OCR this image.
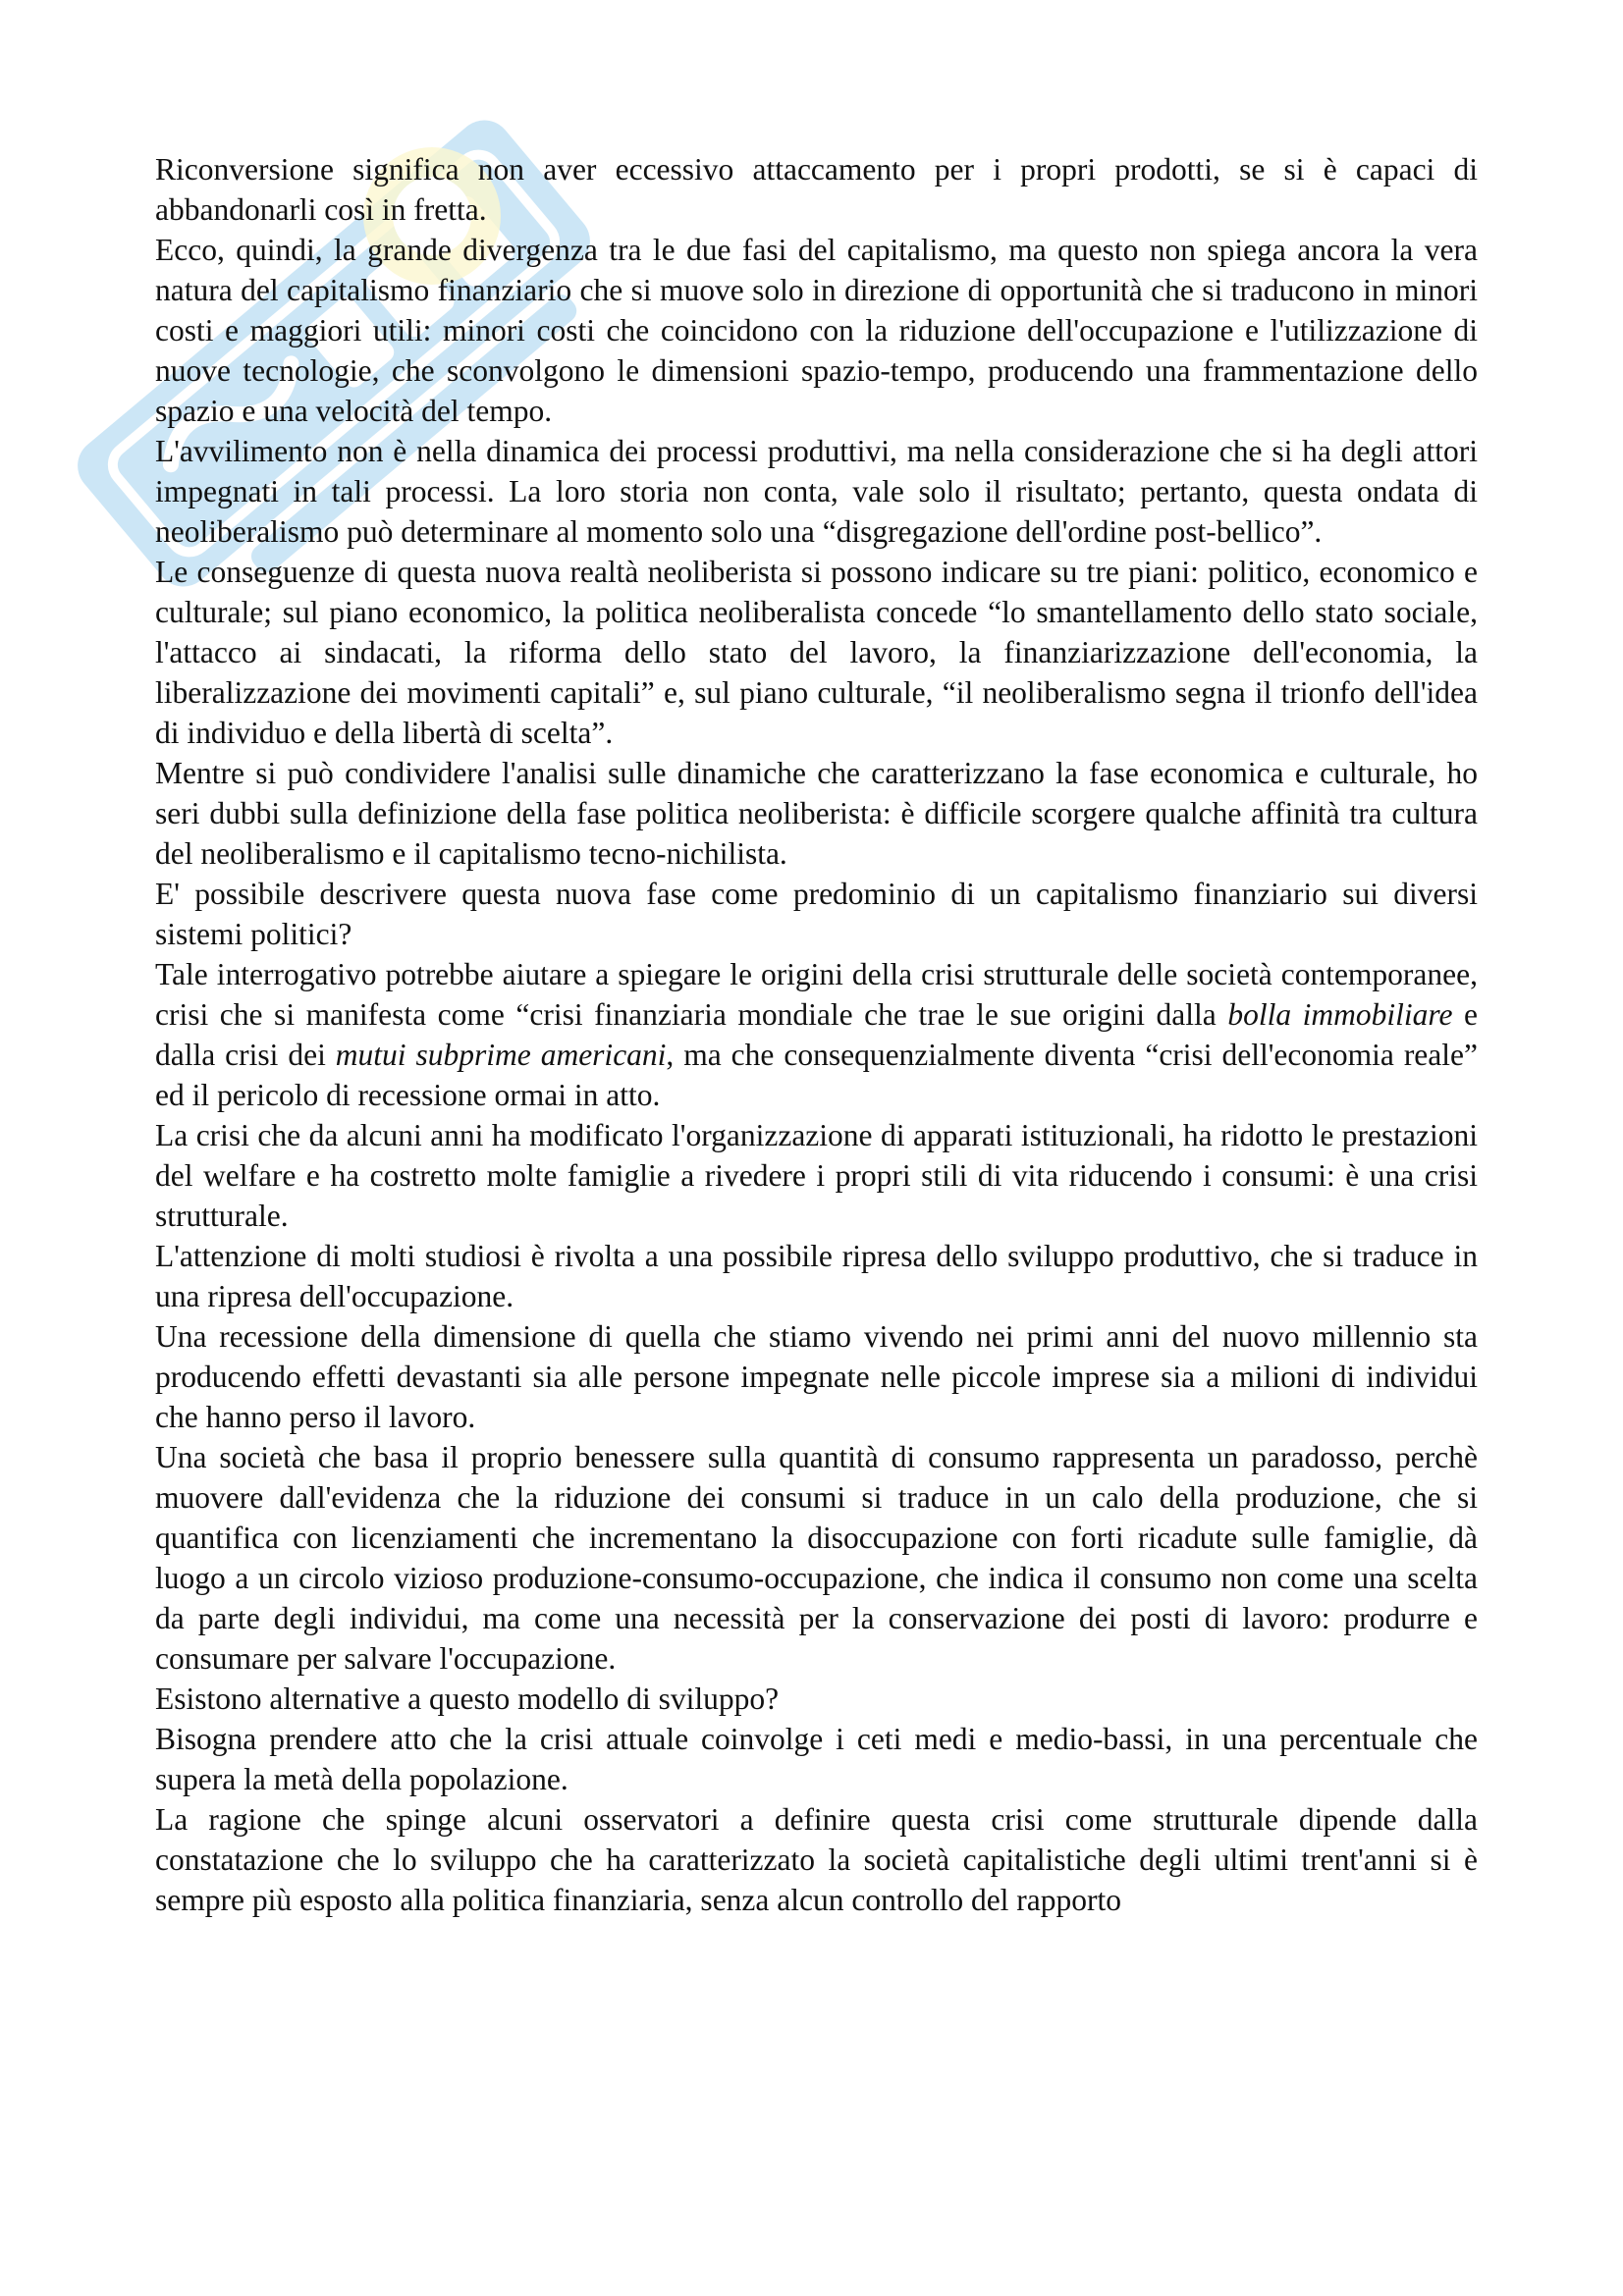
Riconversione significa non aver eccessivo attaccamento per i propri prodotti, se si è capaci di abbandonarli così in fretta.

Ecco, quindi, la grande divergenza tra le due fasi del capitalismo, ma questo non spiega ancora la vera natura del capitalismo finanziario che si muove solo in direzione di opportunità che si traducono in minori costi e maggiori utili: minori costi che coincidono con la riduzione dell'occupazione e l'utilizzazione di nuove tecnologie, che sconvolgono le dimensioni spazio-tempo, producendo una frammentazione dello spazio e una velocità del tempo.

L'avvilimento non è nella dinamica dei processi produttivi, ma nella considerazione che si ha degli attori impegnati in tali processi. La loro storia non conta, vale solo il risultato; pertanto, questa ondata di neoliberalismo può determinare al momento solo una “disgregazione dell'ordine post-bellico”.

Le conseguenze di questa nuova realtà neoliberista si possono indicare su tre piani: politico, economico e culturale; sul piano economico, la politica neoliberalista concede “lo smantellamento dello stato sociale, l'attacco ai sindacati, la riforma dello stato del lavoro, la finanziarizzazione dell'economia, la liberalizzazione dei movimenti capitali” e, sul piano culturale, “il neoliberalismo segna il trionfo dell'idea di individuo e della libertà di scelta”.

Mentre si può condividere l'analisi sulle dinamiche che caratterizzano la fase economica e culturale, ho seri dubbi sulla definizione della fase politica neoliberista: è difficile scorgere qualche affinità tra cultura del neoliberalismo e il capitalismo tecno-nichilista.

E' possibile descrivere questa nuova fase come predominio di un capitalismo finanziario sui diversi sistemi politici?

Tale interrogativo potrebbe aiutare a spiegare le origini della crisi strutturale delle società contemporanee, crisi che si manifesta come “crisi finanziaria mondiale che trae le sue origini dalla bolla immobiliare e dalla crisi dei mutui subprime americani, ma che consequenzialmente diventa “crisi dell'economia reale” ed il pericolo di recessione ormai in atto.

La crisi che da alcuni anni ha modificato l'organizzazione di apparati istituzionali, ha ridotto le prestazioni del welfare e ha costretto molte famiglie a rivedere i propri stili di vita riducendo i consumi: è una crisi strutturale.

L'attenzione di molti studiosi è rivolta a una possibile ripresa dello sviluppo produttivo, che si traduce in una ripresa dell'occupazione.

Una recessione della dimensione di quella che stiamo vivendo nei primi anni del nuovo millennio sta producendo effetti devastanti sia alle persone impegnate nelle piccole imprese sia a milioni di individui che hanno perso il lavoro.

Una società che basa il proprio benessere sulla quantità di consumo rappresenta un paradosso, perchè muovere dall'evidenza che la riduzione dei consumi si traduce in un calo della produzione, che si quantifica con licenziamenti che incrementano la disoccupazione con forti ricadute sulle famiglie, dà luogo a un circolo vizioso produzione-consumo-occupazione, che indica il consumo non come una scelta da parte degli individui, ma come una necessità per la conservazione dei posti di lavoro: produrre e consumare per salvare l'occupazione.

Esistono alternative a questo modello di sviluppo?

Bisogna prendere atto che la crisi attuale coinvolge i ceti medi e medio-bassi, in una percentuale che supera la metà della popolazione.

La ragione che spinge alcuni osservatori a definire questa crisi come strutturale dipende dalla constatazione che lo sviluppo che ha caratterizzato la società capitalistiche degli ultimi trent'anni si è sempre più esposto alla politica finanziaria, senza alcun controllo del rapporto
